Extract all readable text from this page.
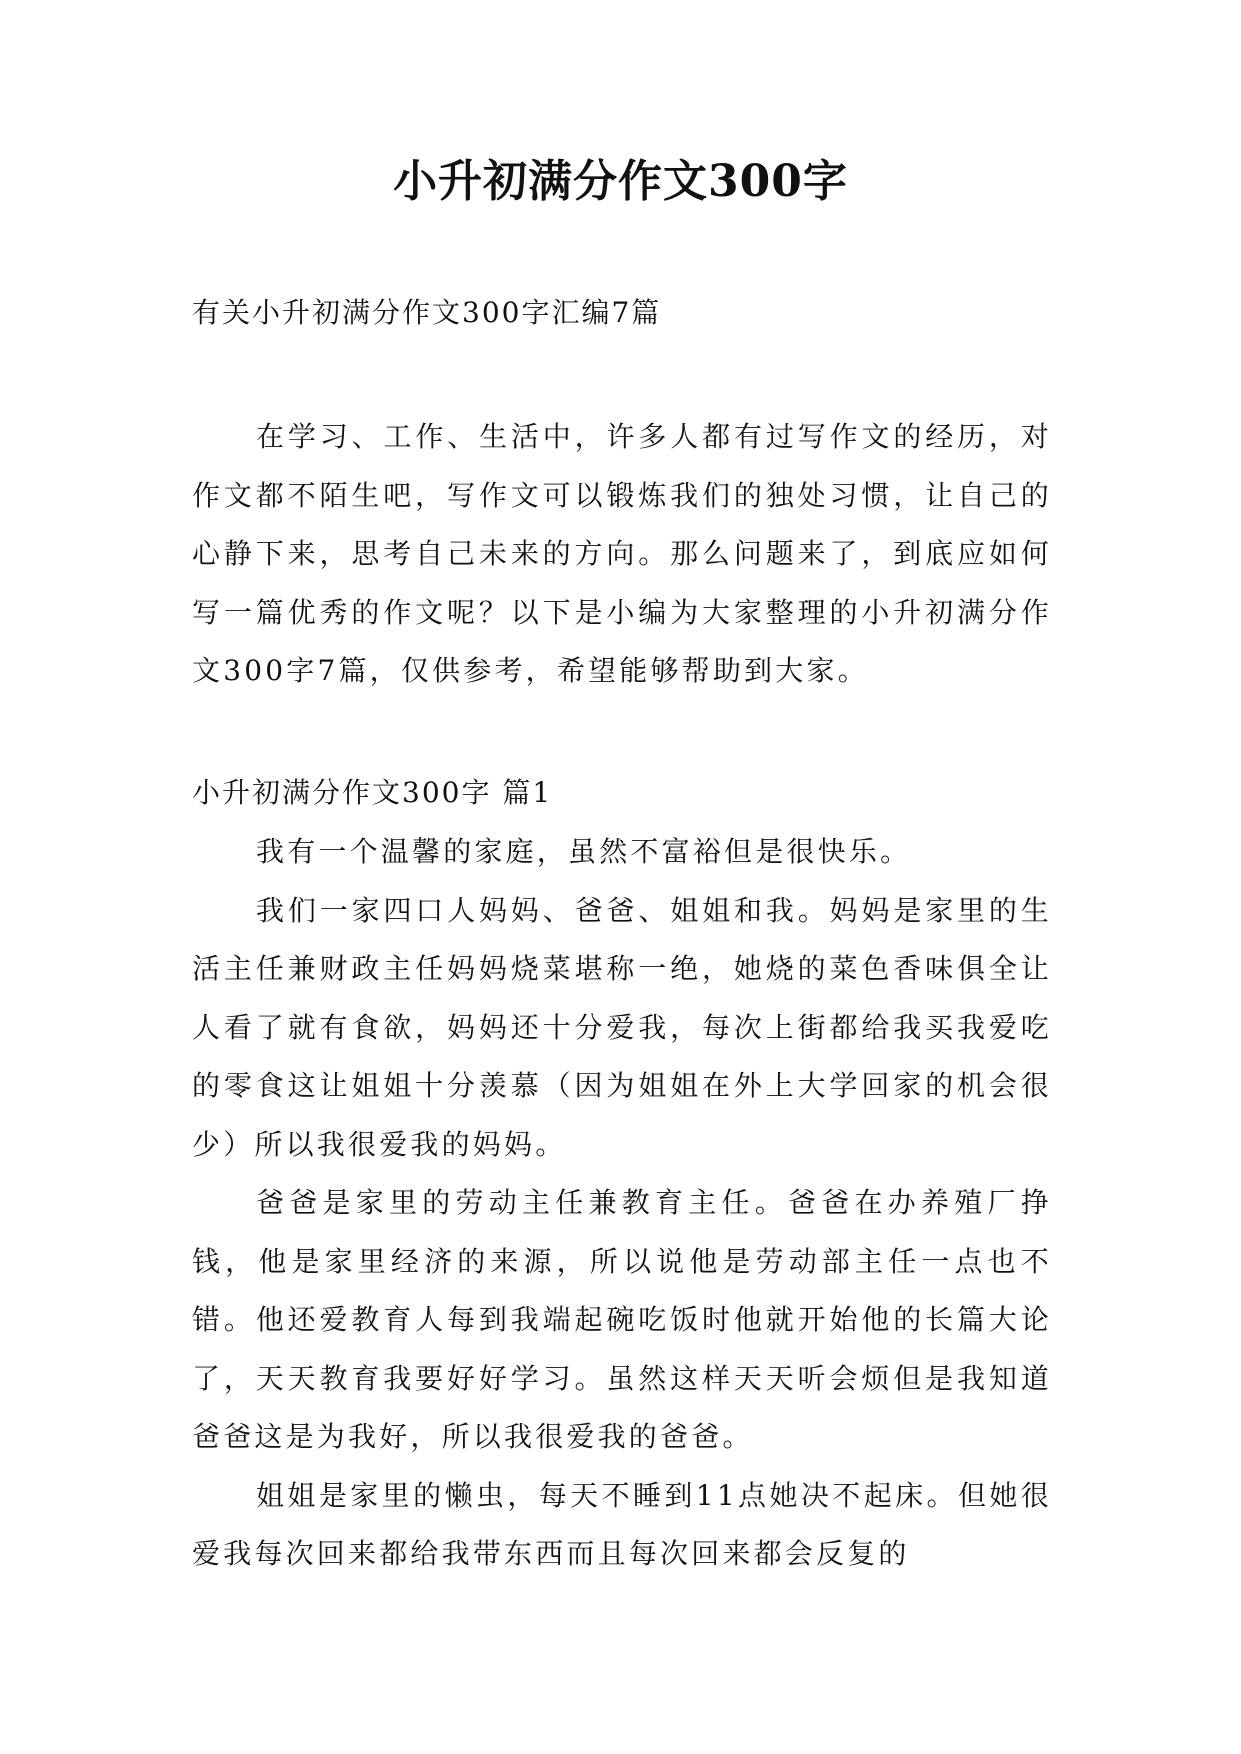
小升初满分作文300字

有关小升初满分作文300字汇编7篇

在学习、工作、生活中，许多人都有过写作文的经历，对作文都不陌生吧，写作文可以锻炼我们的独处习惯，让自己的心静下来，思考自己未来的方向。那么问题来了，到底应如何写一篇优秀的作文呢？以下是小编为大家整理的小升初满分作文300字7篇，仅供参考，希望能够帮助到大家。

小升初满分作文300字 篇1

我有一个温馨的家庭，虽然不富裕但是很快乐。

我们一家四口人妈妈、爸爸、姐姐和我。妈妈是家里的生活主任兼财政主任妈妈烧菜堪称一绝，她烧的菜色香味俱全让人看了就有食欲，妈妈还十分爱我，每次上街都给我买我爱吃的零食这让姐姐十分羡慕（因为姐姐在外上大学回家的机会很少）所以我很爱我的妈妈。

爸爸是家里的劳动主任兼教育主任。爸爸在办养殖厂挣钱，他是家里经济的来源，所以说他是劳动部主任一点也不错。他还爱教育人每到我端起碗吃饭时他就开始他的长篇大论了，天天教育我要好好学习。虽然这样天天听会烦但是我知道爸爸这是为我好，所以我很爱我的爸爸。

姐姐是家里的懒虫，每天不睡到11点她决不起床。但她很爱我每次回来都给我带东西而且每次回来都会反复的
